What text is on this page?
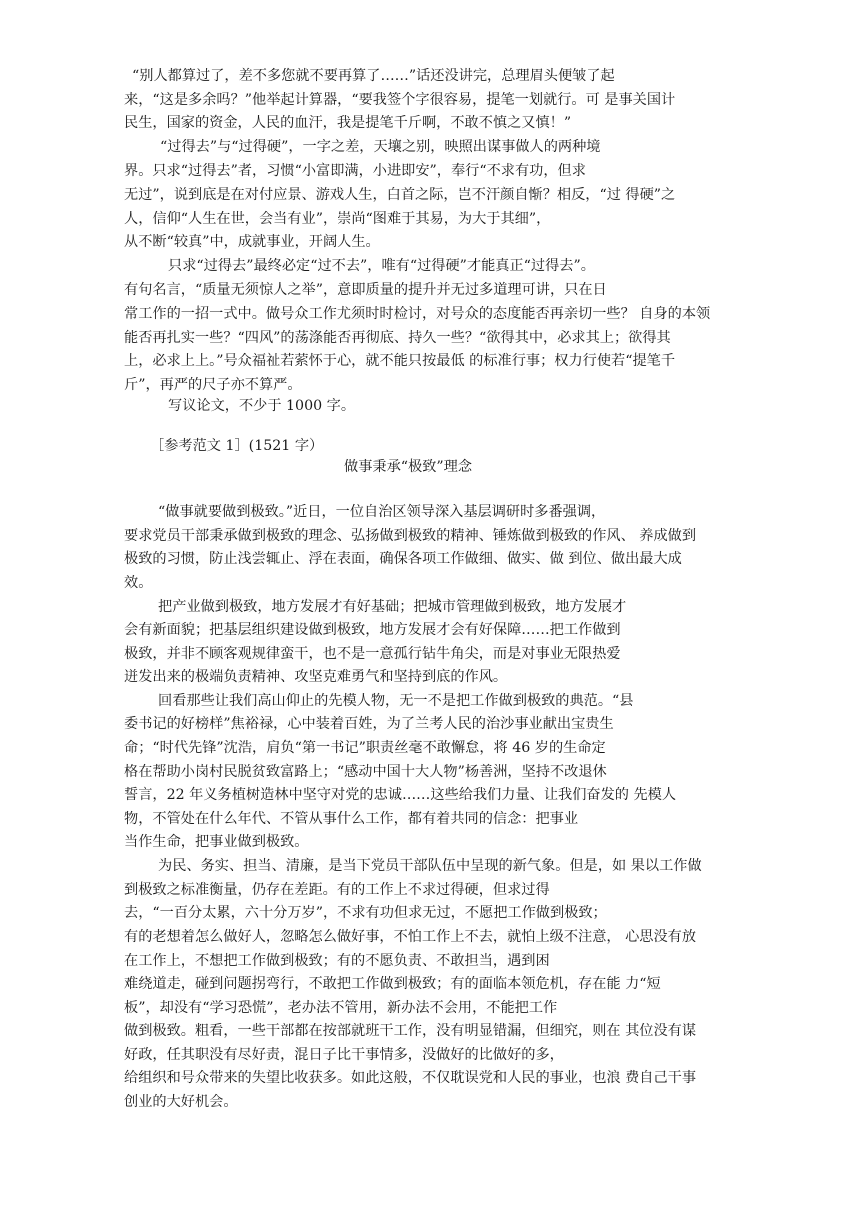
“别人都算过了，差不多您就不要再算了……”话还没讲完，总理眉头便皱了起
来，“这是多余吗？”他举起计算器，“要我签个字很容易，提笔一划就行。可 是事关国计
民生，国家的资金，人民的血汗，我是提笔千斤啊，不敢不慎之又慎！”
“过得去”与“过得硬”，一字之差，天壤之别，映照出谋事做人的两种境
界。只求“过得去”者，习惯“小富即满，小进即安”，奉行“不求有功，但求
无过”，说到底是在对付应景、游戏人生，白首之际，岂不汗颜自惭？相反，“过 得硬”之
人，信仰“人生在世，会当有业”，崇尚“图难于其易，为大于其细”，
从不断“较真”中，成就事业，开阔人生。
只求“过得去”最终必定“过不去”，唯有“过得硬”才能真正“过得去”。
有句名言，“质量无须惊人之举”，意即质量的提升并无过多道理可讲，只在日
常工作的一招一式中。做号众工作尤须时时检讨，对号众的态度能否再亲切一些？ 自身的本领
能否再扎实一些？“四风”的荡涤能否再彻底、持久一些？“欲得其中，必求其上；欲得其
上，必求上上。”号众福祉若萦怀于心，就不能只按最低 的标准行事；权力行使若“提笔千
斤”，再严的尺子亦不算严。
写议论文，不少于 1000 字。
［参考范文 1］(1521 字）
做事秉承“极致”理念
“做事就要做到极致。”近日，一位自治区领导深入基层调研时多番强调，
要求党员干部秉承做到极致的理念、弘扬做到极致的精神、锤炼做到极致的作风、 养成做到
极致的习惯，防止浅尝辄止、浮在表面，确保各项工作做细、做实、做 到位、做出最大成
效。
把产业做到极致，地方发展才有好基础；把城市管理做到极致，地方发展才
会有新面貌；把基层组织建设做到极致，地方发展才会有好保障……把工作做到
极致，并非不顾客观规律蛮干，也不是一意孤行钻牛角尖，而是对事业无限热爱
迸发出来的极端负责精神、攻坚克难勇气和坚持到底的作风。
回看那些让我们高山仰止的先模人物，无一不是把工作做到极致的典范。“县
委书记的好榜样”焦裕禄，心中装着百姓，为了兰考人民的治沙事业献出宝贵生
命；“时代先锋”沈浩，肩负“第一书记”职责丝毫不敢懈怠，将 46 岁的生命定
格在帮助小岗村民脱贫致富路上；“感动中国十大人物”杨善洲，坚持不改退休
誓言，22 年义务植树造林中坚守对党的忠诚……这些给我们力量、让我们奋发的 先模人
物，不管处在什么年代、不管从事什么工作，都有着共同的信念：把事业
当作生命，把事业做到极致。
为民、务实、担当、清廉，是当下党员干部队伍中呈现的新气象。但是，如 果以工作做
到极致之标准衡量，仍存在差距。有的工作上不求过得硬，但求过得
去，“一百分太累，六十分万岁”，不求有功但求无过，不愿把工作做到极致；
有的老想着怎么做好人，忽略怎么做好事，不怕工作上不去，就怕上级不注意， 心思没有放
在工作上，不想把工作做到极致；有的不愿负责、不敢担当，遇到困
难绕道走，碰到问题拐弯行，不敢把工作做到极致；有的面临本领危机，存在能 力“短
板”，却没有“学习恐慌”，老办法不管用，新办法不会用，不能把工作
做到极致。粗看，一些干部都在按部就班干工作，没有明显错漏，但细究，则在 其位没有谋
好政，任其职没有尽好责，混日子比干事情多，没做好的比做好的多，
给组织和号众带来的失望比收获多。如此这般，不仅耽误党和人民的事业，也浪 费自己干事
创业的大好机会。
